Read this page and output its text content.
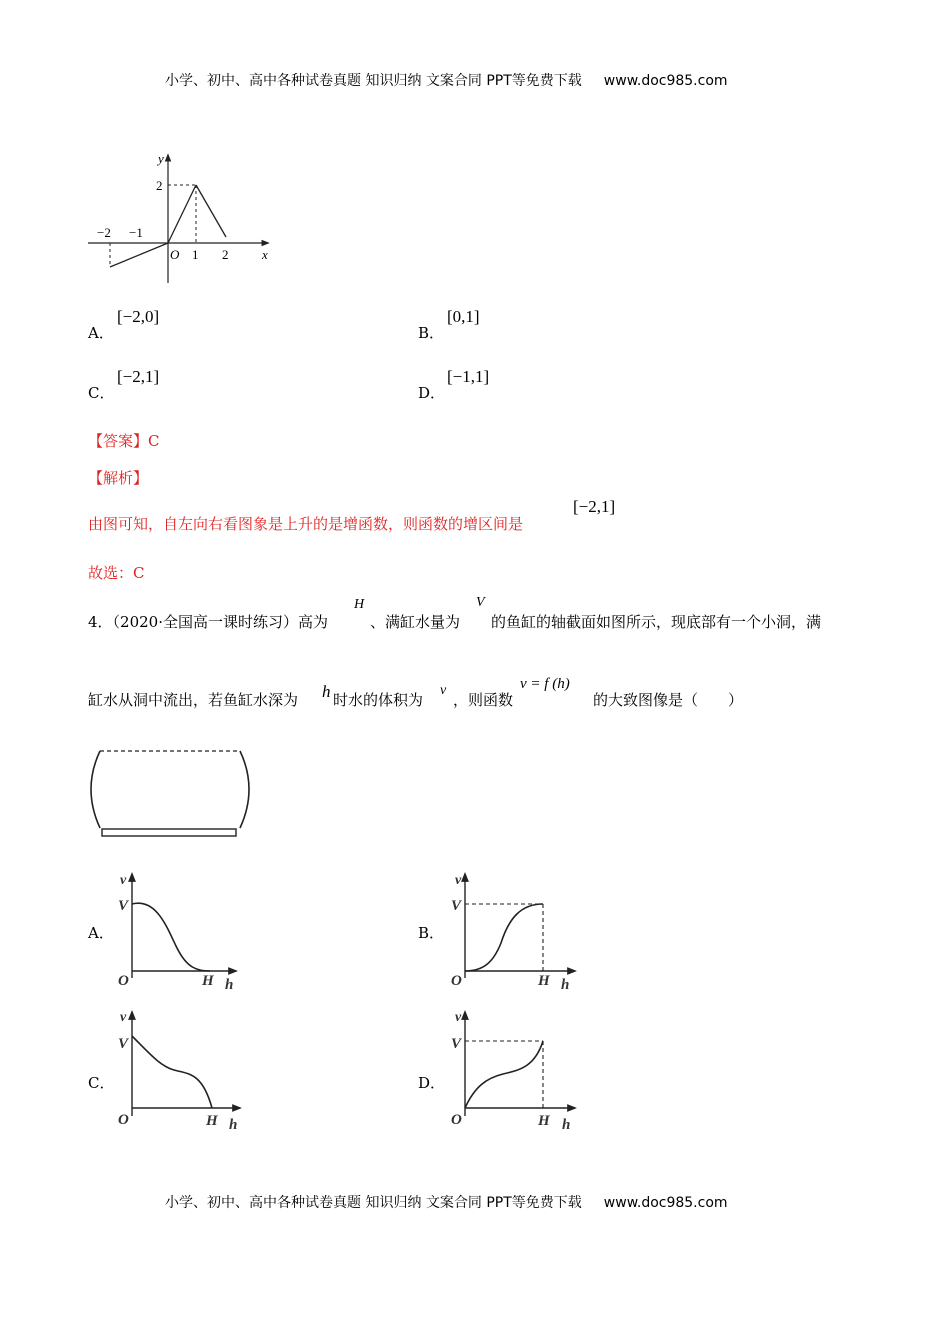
小学、初中、高中各种试卷真题 知识归纳 文案合同 PPT等免费下载 www.doc985.com
y
x
O
2
−2 −1
1 2
A．
[−2,0]
B．
[0,1]
C．
[−2,1]
D．
[−1,1]
【答案】C
【解析】
由图可知，自左向右看图象是上升的是增函数，则函数的增区间是
[−2,1]
故选：C
4．（2020·全国高一课时练习）高为
H
、满缸水量为
V
的鱼缸的轴截面如图所示，现底部有一个小洞，满
缸水从洞中流出，若鱼缸水深为 h 时水的体积为
v
，则函数
v = f (h)
的大致图像是（　　）
A．
v
V
O	H h
B．
v
V
O	H h
C．
v
V
O	H h
D．
v
V
O	H h
小学、初中、高中各种试卷真题 知识归纳 文案合同 PPT等免费下载 www.doc985.com
